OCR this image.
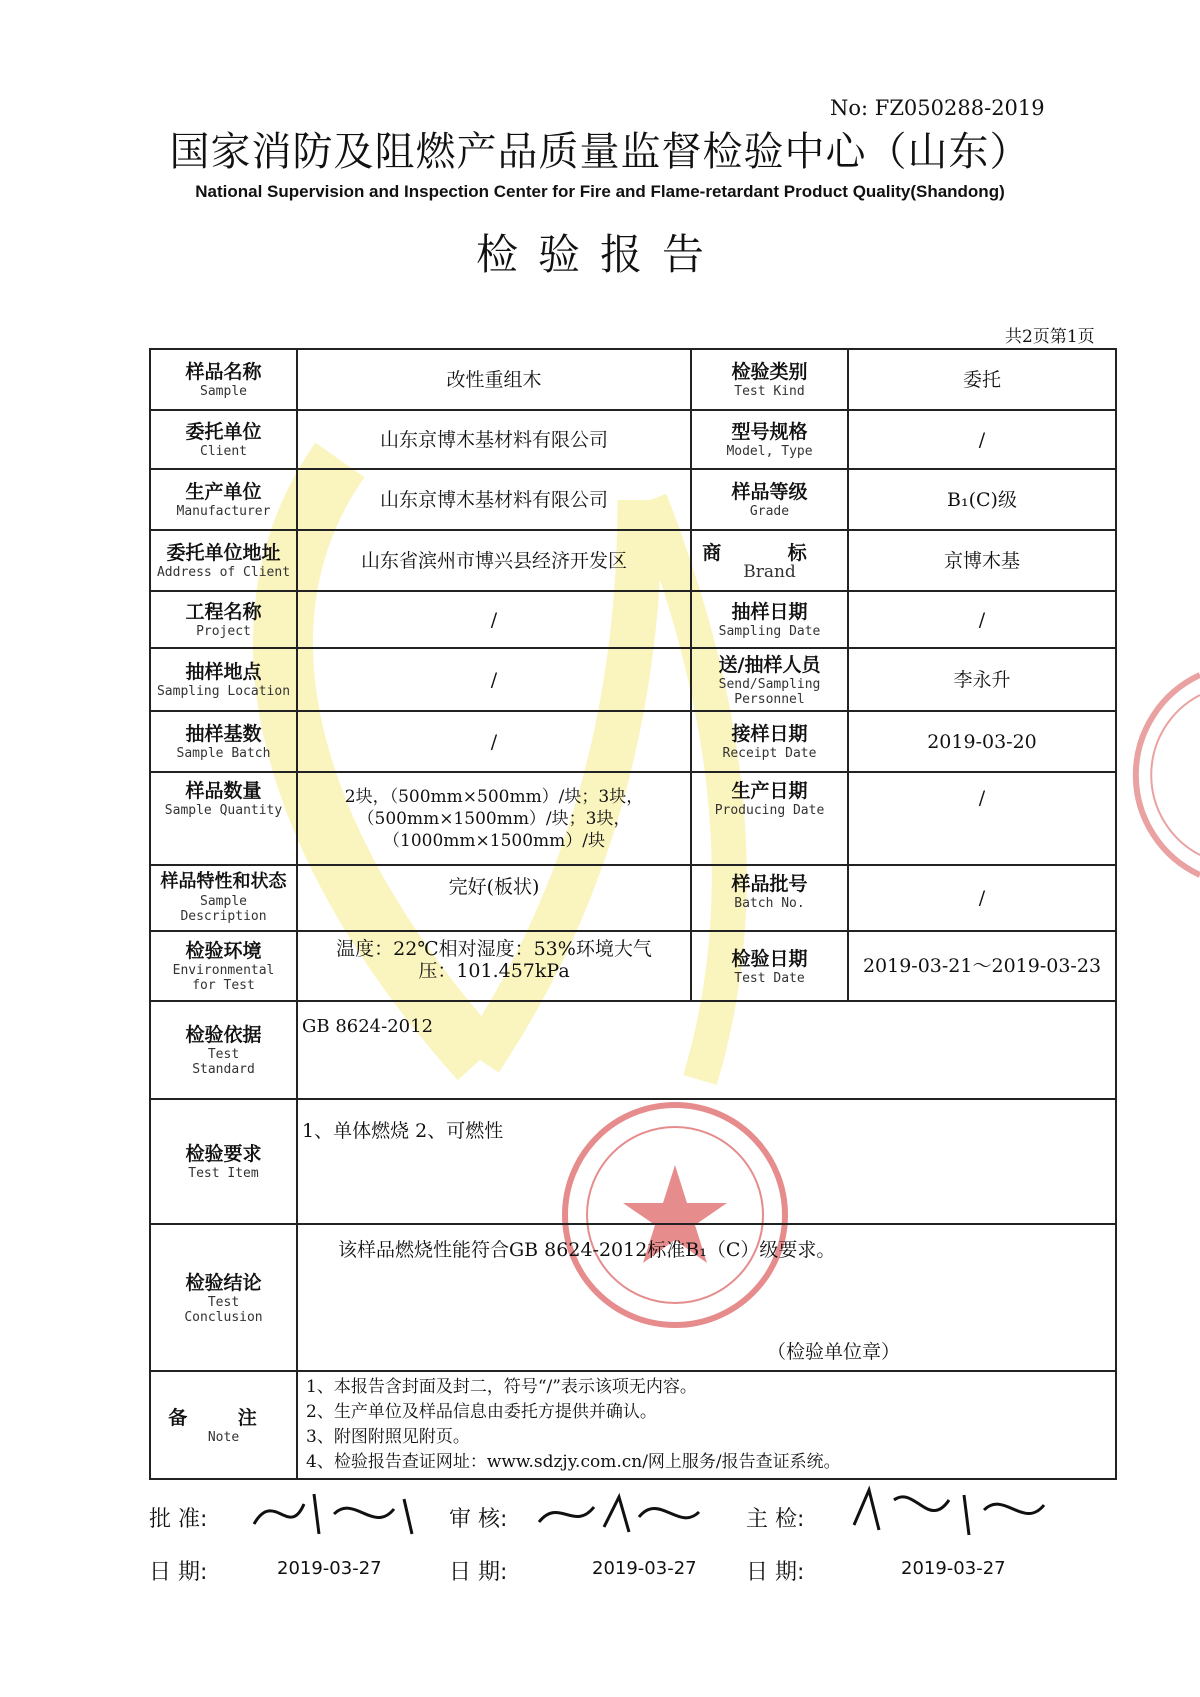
No: FZ050288-2019
国家消防及阻燃产品质量监督检验中心（山东）
National Supervision and Inspection Center for Fire and Flame-retardant Product Quality(Shandong)
检验报告
共2页第1页
样品名称
Sample	改性重组木	检验类别
Test Kind	委托

委托单位
Client	山东京博木基材料有限公司	型号规格
Model, Type	/

生产单位
Manufacturer	山东京博木基材料有限公司	样品等级
Grade	B₁(C)级

委托单位地址
Address of Client	山东省滨州市博兴县经济开发区	商 标
Brand	京博木基

工程名称
Project	/	抽样日期
Sampling Date	/

抽样地点
Sampling Location	/	送/抽样人员
Send/Sampling Personnel	李永升

抽样基数
Sample Batch	/	接样日期
Receipt Date	2019-03-20

样品数量
Sample Quantity	2块，（500mm×500mm）/块；3块，
（500mm×1500mm）/块；3块，
（1000mm×1500mm）/块	生产日期
Producing Date	/

样品特性和状态
Sample Description	完好(板状)	样品批号
Batch No.	/

检验环境
Environmental
for Test	温度：22℃相对湿度：53%环境大气
压：101.457kPa	检验日期
Test Date	2019-03-21～2019-03-23

检验依据
Test
Standard	GB 8624-2012		

检验要求
Test Item	1、单体燃烧 2、可燃性		

检验结论
Test
Conclusion	该样品燃烧性能符合GB 8624-2012标准B₁（C）级要求。
（检验单位章）		

备 注
Note	1、本报告含封面及封二，符号“/”表示该项无内容。
2、生产单位及样品信息由委托方提供并确认。
3、附图附照见附页。
4、检验报告查证网址：www.sdzjy.com.cn/网上服务/报告查证系统。		
批 准:	审 核:	主 检:
日 期:	2019-03-27	日 期:	2019-03-27 日 期:	2019-03-27
